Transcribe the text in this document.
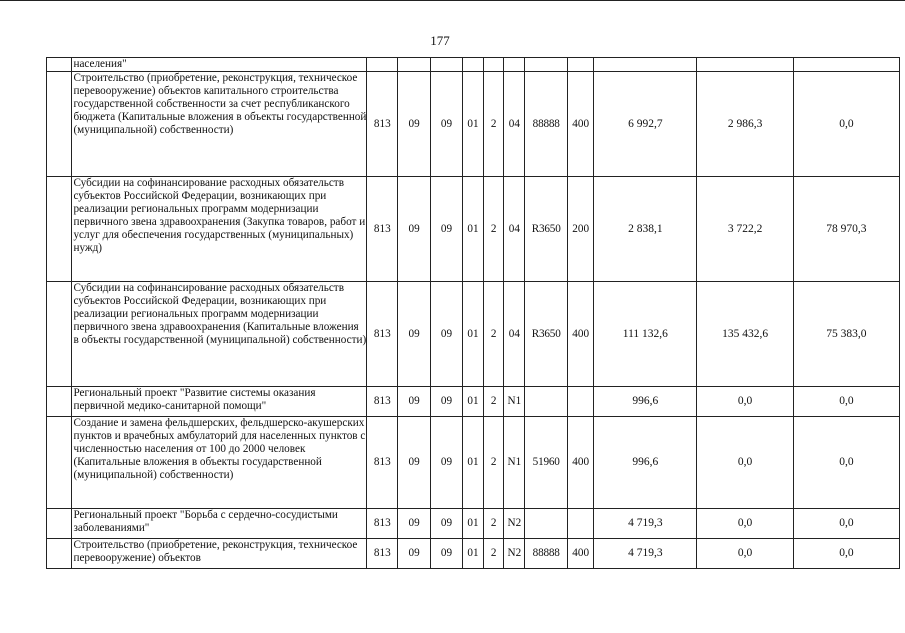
177
	населения"											
	Строительство (приобретение, реконструкция, техническое перевооружение) объектов капитального строительства государственной собственности за счет республиканского бюджета (Капитальные вложения в объекты государственной (муниципальной) собственности)	813	09	09	01	2	04	88888	400	6 992,7	2 986,3	0,0
	Субсидии на софинансирование расходных обязательств субъектов Российской Федерации, возникающих при реализации региональных программ модернизации первичного звена здравоохранения (Закупка товаров, работ и услуг для обеспечения государственных (муниципальных) нужд)	813	09	09	01	2	04	R3650	200	2 838,1	3 722,2	78 970,3
	Субсидии на софинансирование расходных обязательств субъектов Российской Федерации, возникающих при реализации региональных программ модернизации первичного звена здравоохранения (Капитальные вложения в объекты государственной (муниципальной) собственности)	813	09	09	01	2	04	R3650	400	111 132,6	135 432,6	75 383,0
	Региональный проект "Развитие системы оказания первичной медико-санитарной помощи"	813	09	09	01	2	N1			996,6	0,0	0,0
	Создание и замена фельдшерских, фельдшерско-акушерских пунктов и врачебных амбулаторий для населенных пунктов с численностью населения от 100 до 2000 человек (Капитальные вложения в объекты государственной (муниципальной) собственности)	813	09	09	01	2	N1	51960	400	996,6	0,0	0,0
	Региональный проект "Борьба с сердечно-сосудистыми заболеваниями"	813	09	09	01	2	N2			4 719,3	0,0	0,0
	Строительство (приобретение, реконструкция, техническое перевооружение) объектов	813	09	09	01	2	N2	88888	400	4 719,3	0,0	0,0
